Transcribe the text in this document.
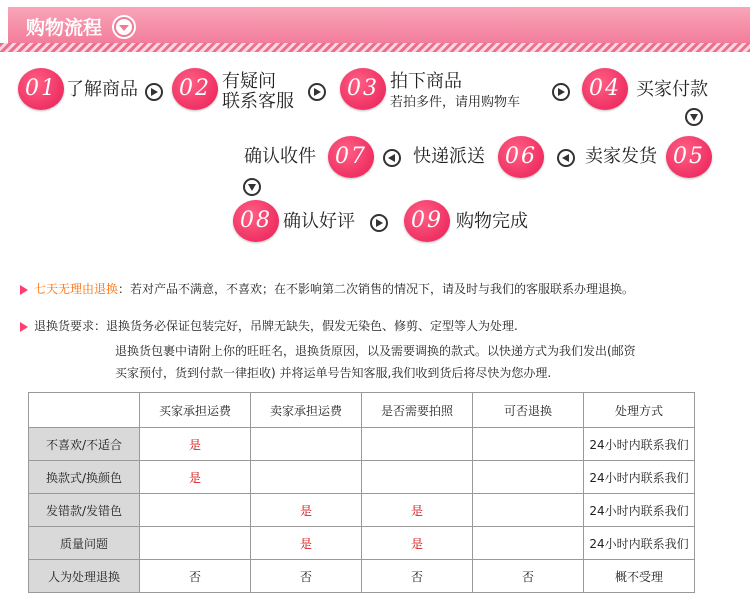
购物流程
01 了解商品	02 有疑问
联系客服
03 拍下商品
若拍多件，请用购物车
04 买家付款
05
卖家发货
06
快递派送
07
确认收件
08 确认好评	09 购物完成
七天无理由退换：若对产品不满意，不喜欢；在不影响第二次销售的情况下，请及时与我们的客服联系办理退换。
退换货要求：退换货务必保证包装完好，吊牌无缺失，假发无染色、修剪、定型等人为处理.
退换货包裹中请附上你的旺旺名，退换货原因，以及需要调换的款式。以快递方式为我们发出(邮资
买家预付，货到付款一律拒收) 并将运单号告知客服,我们收到货后将尽快为您办理.
	买家承担运费	卖家承担运费	是否需要拍照	可否退换	处理方式
不喜欢/不适合	是				24小时内联系我们
换款式/换颜色	是				24小时内联系我们
发错款/发错色		是	是		24小时内联系我们
质量问题		是	是		24小时内联系我们
人为处理退换	否	否	否	否	概不受理
